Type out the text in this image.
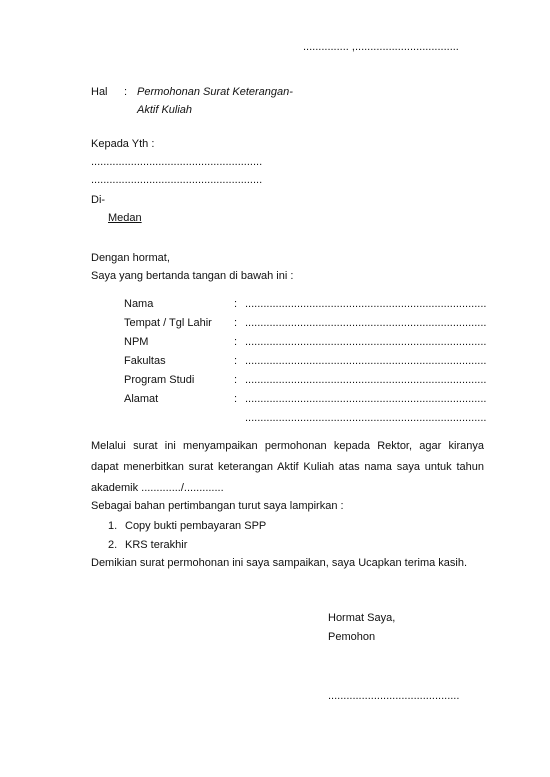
............... ,..................................
Hal : Permohonan Surat Keterangan-
Aktif Kuliah
Kepada Yth :
........................................................
........................................................
Di-
Medan
Dengan hormat,
Saya yang bertanda tangan di bawah ini :
Nama	: ...............................................................................
Tempat / Tgl Lahir : ...............................................................................
NPM	: ...............................................................................
Fakultas	: ...............................................................................
Program Studi	: ...............................................................................
Alamat	: ...............................................................................
...............................................................................
Melalui surat ini menyampaikan permohonan kepada Rektor, agar kiranya
dapat menerbitkan surat keterangan Aktif Kuliah atas nama saya untuk tahun
akademik ............./.............
Sebagai bahan pertimbangan turut saya lampirkan :
1. Copy bukti pembayaran SPP
2. KRS terakhir
Demikian surat permohonan ini saya sampaikan, saya Ucapkan terima kasih.
Hormat Saya,
Pemohon
...........................................
